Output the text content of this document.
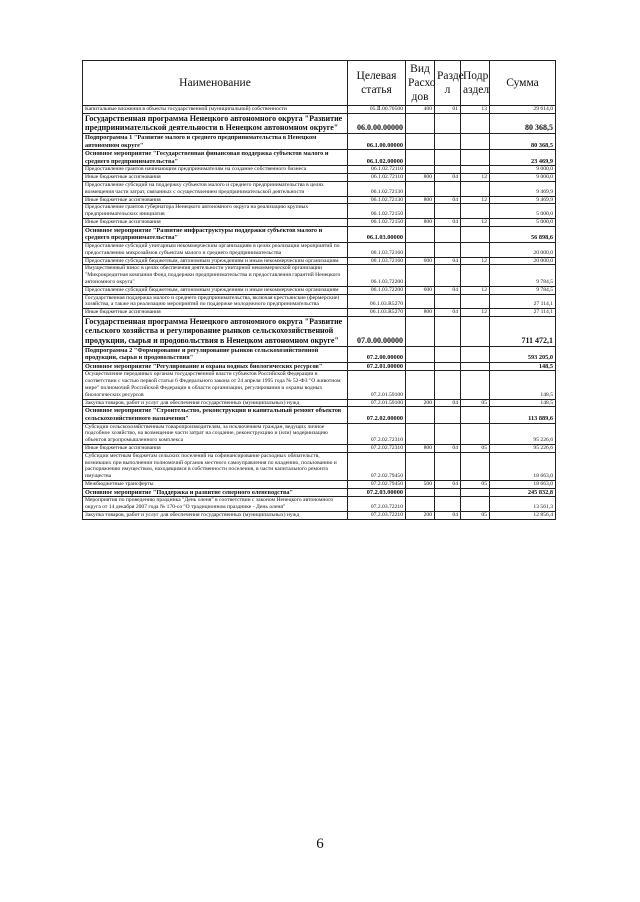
Наименование	Целевая статья	Вид Расхо дов	Разде л	Подр аздел	Сумма
Капитальные вложения в объекты государственной (муниципальной) собственности	05.Ⅱ.00.70500	400	01	13	29 614,0
Государственная программа Ненецкого автономного округа "Развитие предпринимательской деятельности в Ненецком автономном округе"	06.0.00.00000				80 368,5
Подпрограмма 1 "Развитие малого и среднего предпринимательства в Ненецком автономном округе"	06.1.00.00000				80 368,5
Основное мероприятие "Государственная финансовая поддержка субъектов малого и среднего предпринимательства"	06.1.02.00000				23 469,9
Предоставление грантов начинающим предпринимателям на создание собственного бизнеса	06.1.02.72110				9 000,0
Иные бюджетные ассигнования	06.1.02.72110	800	04	12	9 000,0
Предоставление субсидий на поддержку субъектов малого и среднего предпринимательства в целях возмещения части затрат, связанных с осуществлением предпринимательской деятельности	06.1.02.72130				9 469,9
Иные бюджетные ассигнования	06.1.02.72130	800	04	12	9 469,9
Предоставление грантов губернатора Ненецкого автономного округа на реализацию крупных предпринимательских инициатив	06.1.02.72150				5 000,0
Иные бюджетные ассигнования	06.1.02.72150	800	04	12	5 000,0
Основное мероприятие "Развитие инфраструктуры поддержки субъектов малого и среднего предпринимательства"	06.1.03.00000				56 898,6
Предоставление субсидий унитарным некоммерческим организациям в целях реализации мероприятий по предоставлению микрозаймов субъектам малого и среднего предпринимательства	06.1.03.72160				20 000,0
Предоставление субсидий бюджетным, автономным учреждениям и иным некоммерческим организациям	06.1.03.72160	600	04	12	20 000,0
Имущественный взнос в целях обеспечения деятельности унитарной некоммерческой организации "Микрокредитная компания Фонд поддержки предпринимательства и предоставления гарантий Ненецкого автономного округа"	06.1.03.72200				9 784,5
Предоставление субсидий бюджетным, автономным учреждениям и иным некоммерческим организациям	06.1.03.72200	600	04	12	9 784,5
Государственная поддержка малого и среднего предпринимательства, включая крестьянские (фермерские) хозяйства, а также на реализацию мероприятий по поддержке молодежного предпринимательства	06.1.03.R5270				27 114,1
Иные бюджетные ассигнования	06.1.03.R5270	800	04	12	27 114,1
Государственная программа Ненецкого автономного округа "Развитие сельского хозяйства и регулирование рынков сельскохозяйственной продукции, сырья и продовольствия в Ненецком автономном округе"	07.0.00.00000				711 472,1
Подпрограмма 2 "Формирование и регулирование рынков сельскохозяйственной продукции, сырья и продовольствия"	07.2.00.00000				593 205,0
Основное мероприятие "Регулирование и охрана водных биологических ресурсов"	07.2.01.00000				148,5
Осуществление переданных органам государственной власти субъектов Российской Федерации в соответствии с частью первой статьи 6 Федерального закона от 24 апреля 1995 года № 52-ФЗ "О животном мире" полномочий Российской Федерации в области организации, регулирования и охраны водных биологических ресурсов	07.2.01.59100				148,5
Закупка товаров, работ и услуг для обеспечения государственных (муниципальных) нужд	07.2.01.59100	200	04	05	148,5
Основное мероприятие "Строительство, реконструкция и капитальный ремонт объектов сельскохозяйственного назначения"	07.2.02.00000				113 889,6
Субсидии сельскохозяйственным товаропроизводителям, за исключением граждан, ведущих личное подсобное хозяйство, на возмещение части затрат на создание, реконструкцию и (или) модернизацию объектов агропромышленного комплекса	07.2.02.72310				95 226,6
Иные бюджетные ассигнования	07.2.02.72310	800	04	05	95 226,6
Субсидии местным бюджетам сельских поселений на софинансирование расходных обязательств, возникших при выполнении полномочий органов местного самоуправления по владению, пользованию и распоряжению имуществом, находящимся в собственности поселения, в части капитального ремонта имущества	07.2.02.79450				18 663,0
Межбюджетные трансферты	07.2.02.79450	500	04	05	18 663,0
Основное мероприятие "Поддержка и развитие северного оленеводства"	07.2.03.00000				245 832,8
Мероприятия по проведению праздника "День оленя" в соответствии с законом Ненецкого автономного округа от 14 декабря 2007 года № 170-оз "О традиционном празднике - День оленя"	07.2.03.72210				13 561,3
Закупка товаров, работ и услуг для обеспечения государственных (муниципальных) нужд	07.2.03.72210	200	04	05	12 856,4
6
